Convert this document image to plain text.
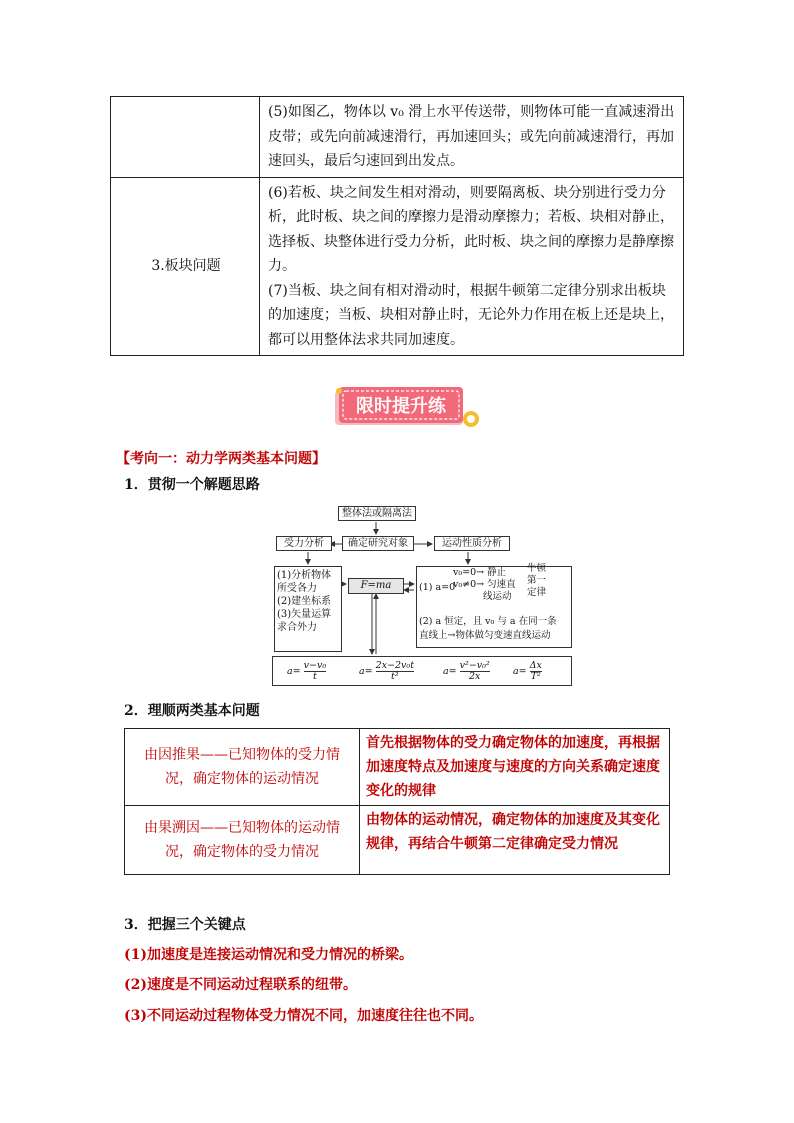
	(5)如图乙，物体以 v₀ 滑上水平传送带，则物体可能一直减速滑出皮带；或先向前减速滑行，再加速回头；或先向前减速滑行，再加速回头，最后匀速回到出发点。

3.板块问题	(6)若板、块之间发生相对滑动，则要隔离板、块分别进行受力分析，此时板、块之间的摩擦力是滑动摩擦力；若板、块相对静止，选择板、块整体进行受力分析，此时板、块之间的摩擦力是静摩擦力。

(7)当板、块之间有相对滑动时，根据牛顿第二定律分别求出板块的加速度；当板、块相对静止时，无论外力作用在板上还是块上，都可以用整体法求共同加速度。

限时提升练
【考向一：动力学两类基本问题】
1．贯彻一个解题思路
整体法或隔离法
受力分析	确定研究对象	运动性质分析
(1)分析物体
所受各力
(2)建坐标系
(3)矢量运算
求合外力
F=ma	(1) a=0
v₀=0→ 静止
v₀≠0→ 匀速直
线运动
牛顿
第一
定律
(2) a 恒定，且 v₀ 与 a 在同一条
直线上→物体做匀变速直线运动
$a= \frac{\text{v−v₀}}{t}$	$a= \frac{\text{2x−2v₀t}}{\text{t²}}$	$a= \frac{\text{v²−v₀²}}{2x} a= \frac{\Delta x}{\text{T²}}$
2．理顺两类基本问题
由因推果——已知物体的受力情况，确定物体的运动情况	首先根据物体的受力确定物体的加速度，再根据加速度特点及加速度与速度的方向关系确定速度变化的规律
由果溯因——已知物体的运动情况，确定物体的受力情况	由物体的运动情况，确定物体的加速度及其变化规律，再结合牛顿第二定律确定受力情况
3．把握三个关键点
(1)加速度是连接运动情况和受力情况的桥梁。
(2)速度是不同运动过程联系的纽带。
(3)不同运动过程物体受力情况不同，加速度往往也不同。
